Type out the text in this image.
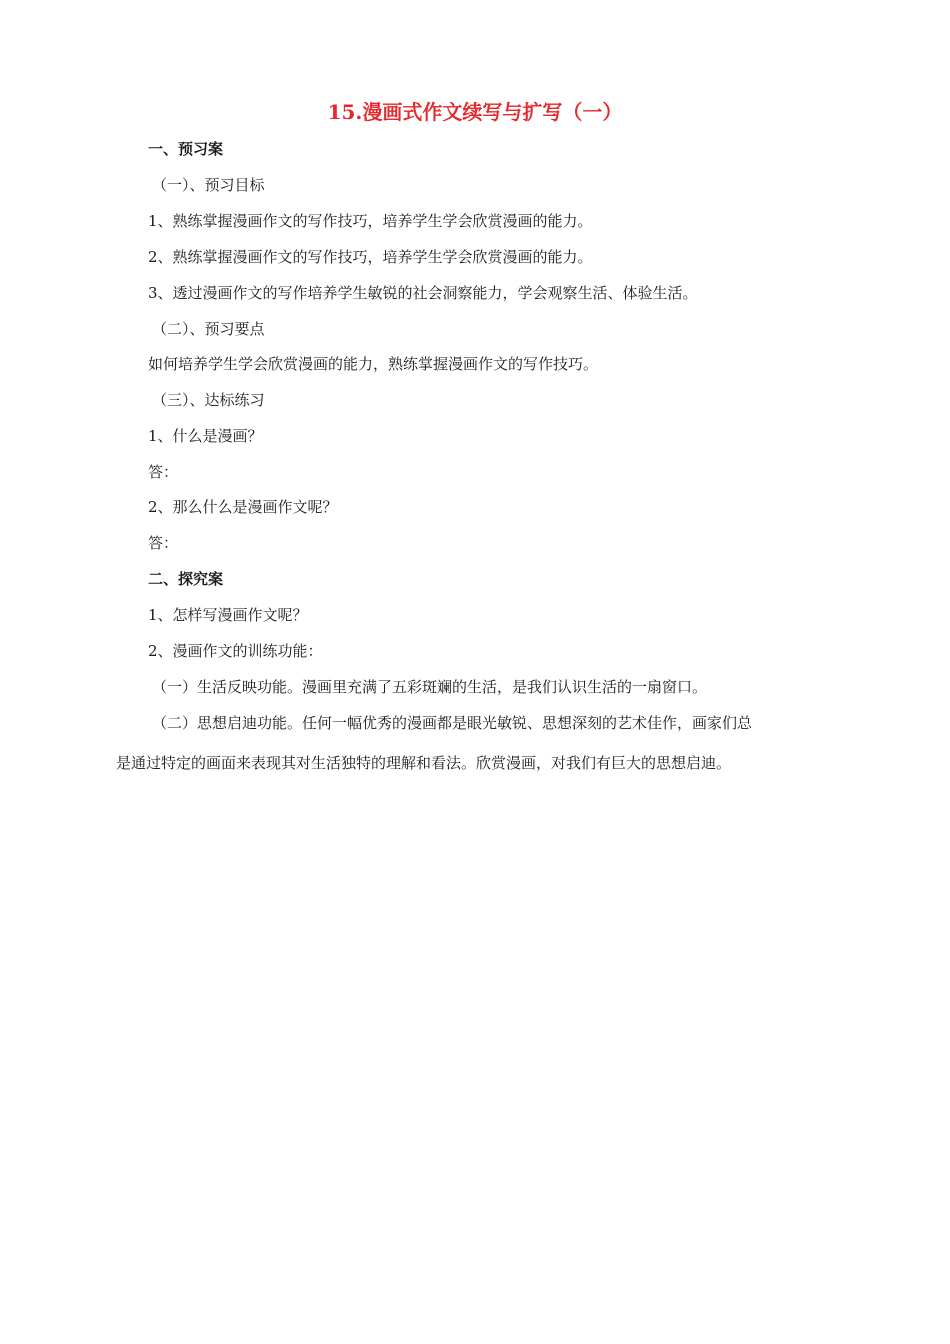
15.漫画式作文续写与扩写（一）
一、预习案
（一）、预习目标
1、熟练掌握漫画作文的写作技巧，培养学生学会欣赏漫画的能力。
2、熟练掌握漫画作文的写作技巧，培养学生学会欣赏漫画的能力。
3、透过漫画作文的写作培养学生敏锐的社会洞察能力，学会观察生活、体验生活。
（二）、预习要点
如何培养学生学会欣赏漫画的能力，熟练掌握漫画作文的写作技巧。
（三）、达标练习
1、什么是漫画？
答：
2、那么什么是漫画作文呢？
答：
二、探究案
1、怎样写漫画作文呢？
2、漫画作文的训练功能：
（一）生活反映功能。漫画里充满了五彩斑斓的生活，是我们认识生活的一扇窗口。
（二）思想启迪功能。任何一幅优秀的漫画都是眼光敏锐、思想深刻的艺术佳作，画家们总
是通过特定的画面来表现其对生活独特的理解和看法。欣赏漫画，对我们有巨大的思想启迪。
